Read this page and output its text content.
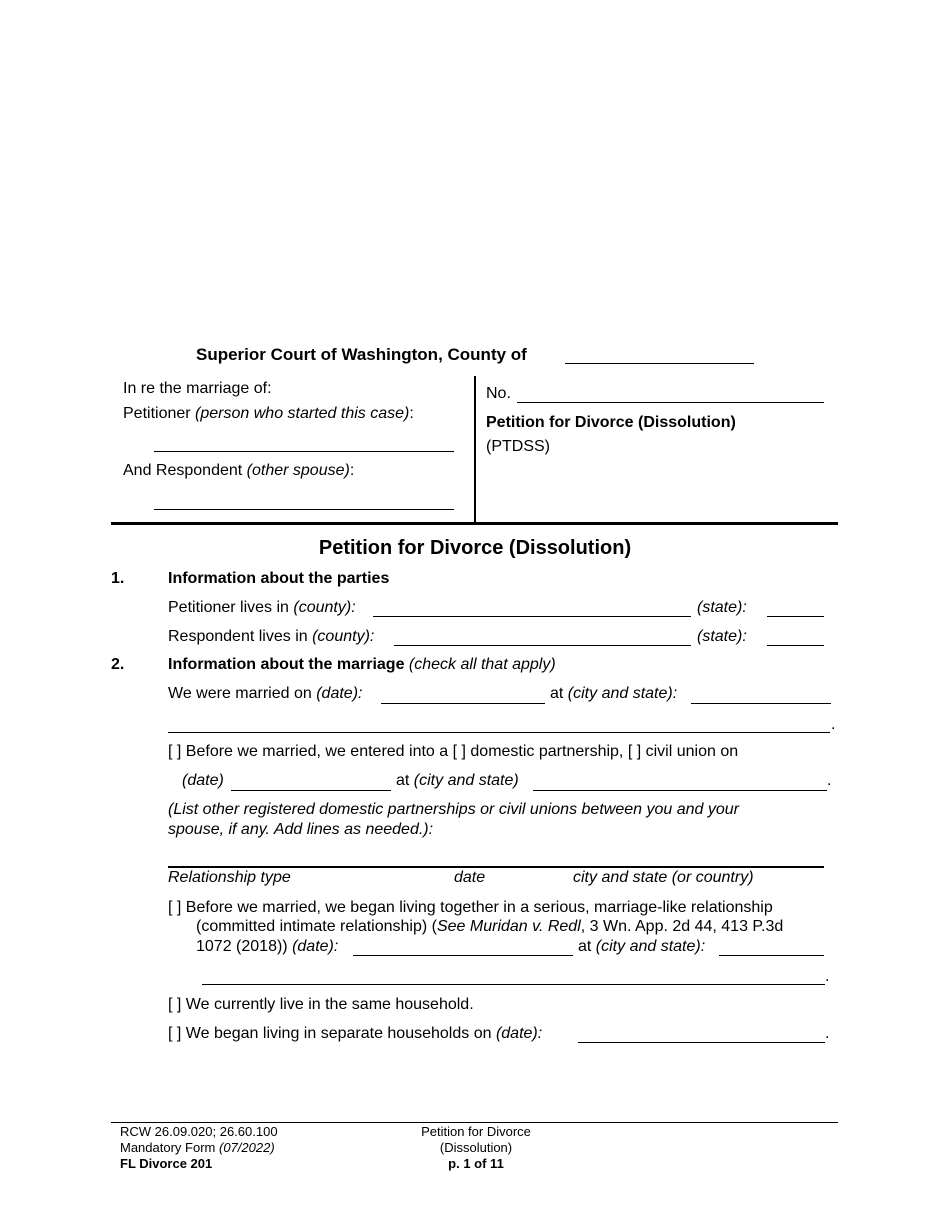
Superior Court of Washington, County of
In re the marriage of:
Petitioner (person who started this case):
And Respondent (other spouse):
No.
Petition for Divorce (Dissolution)
(PTDSS)
Petition for Divorce (Dissolution)
1.	Information about the parties
Petitioner lives in (county):	(state):
Respondent lives in (county):	(state):
2.	Information about the marriage (check all that apply)
We were married on (date):	at (city and state):
.
[ ] Before we married, we entered into a [ ] domestic partnership, [ ] civil union on
(date)	at (city and state)	.
(List other registered domestic partnerships or civil unions between you and your
spouse, if any. Add lines as needed.):
Relationship type	date	city and state (or country)
[ ] Before we married, we began living together in a serious, marriage-like relationship
(committed intimate relationship) (See Muridan v. Redl, 3 Wn. App. 2d 44, 413 P.3d
1072 (2018)) (date):	at (city and state):
.
[ ] We currently live in the same household.
[ ] We began living in separate households on (date):	.
RCW 26.09.020; 26.60.100
Mandatory Form (07/2022)
FL Divorce 201
Petition for Divorce
(Dissolution)
p. 1 of 11
